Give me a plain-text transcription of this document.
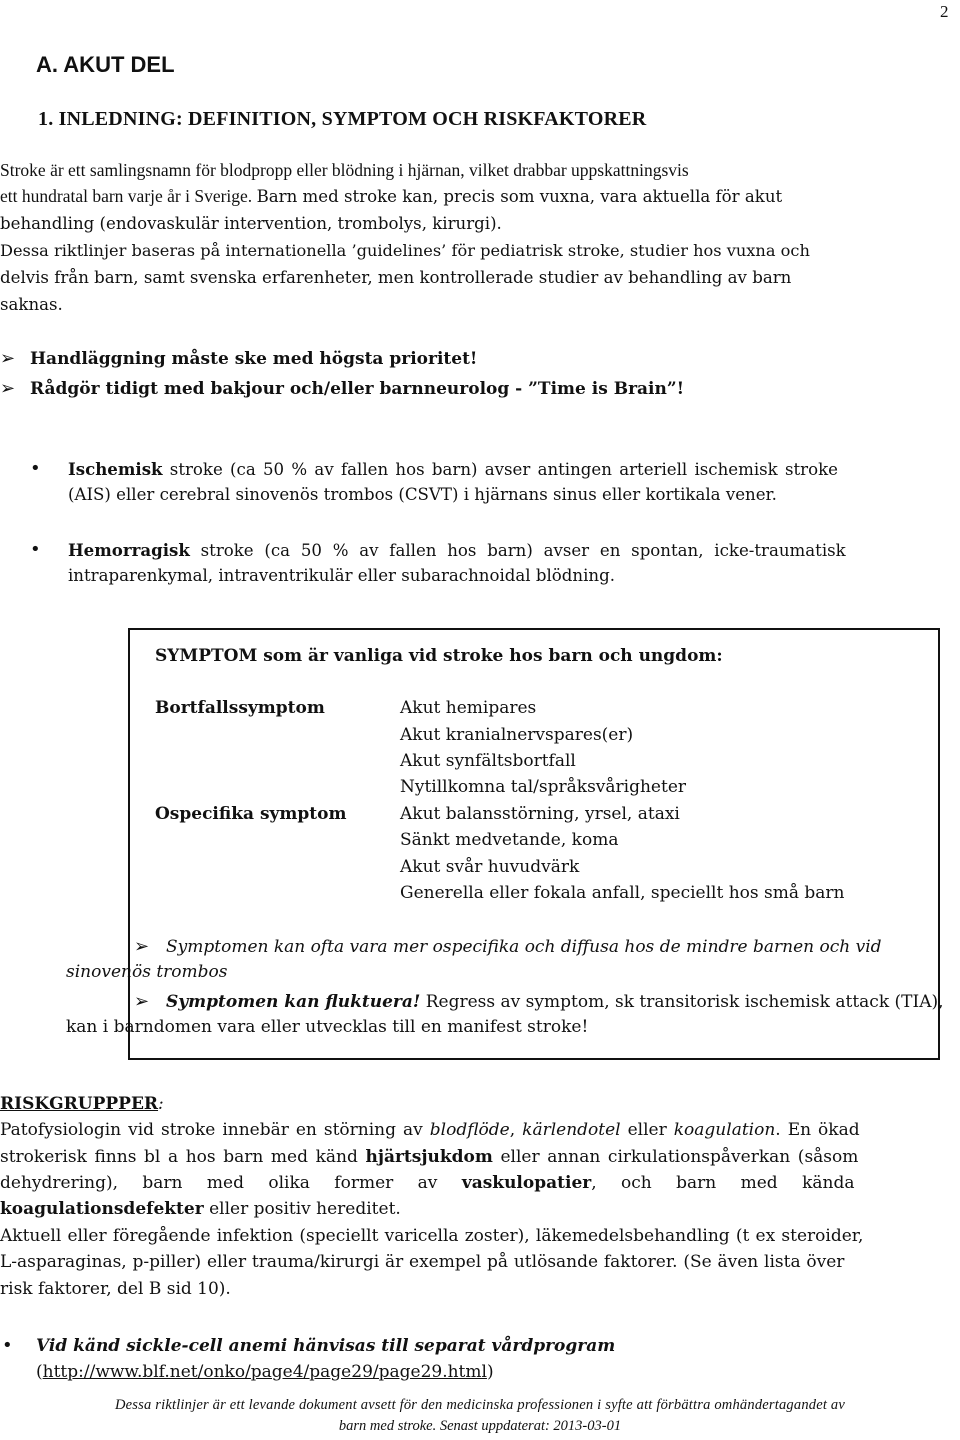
2
A. AKUT DEL
1. INLEDNING: DEFINITION, SYMPTOM OCH RISKFAKTORER
Stroke är ett samlingsnamn för blodpropp eller blödning i hjärnan, vilket drabbar uppskattningsvis
ett hundratal barn varje år i Sverige. Barn med stroke kan, precis som vuxna, vara aktuella för akut
behandling (endovaskulär intervention, trombolys, kirurgi).
Dessa riktlinjer baseras på internationella ’guidelines’ för pediatrisk stroke, studier hos vuxna och
delvis från barn, samt svenska erfarenheter, men kontrollerade studier av behandling av barn
saknas.
➢ Handläggning måste ske med högsta prioritet!
➢ Rådgör tidigt med bakjour och/eller barnneurolog - ”Time is Brain”!
• Ischemisk stroke (ca 50 % av fallen hos barn) avser antingen arteriell ischemisk stroke
(AIS) eller cerebral sinovenös trombos (CSVT) i hjärnans sinus eller kortikala vener.
• Hemorragisk stroke (ca 50 % av fallen hos barn) avser en spontan, icke-traumatisk
intraparenkymal, intraventrikulär eller subarachnoidal blödning.
SYMPTOM som är vanliga vid stroke hos barn och ungdom:
Bortfallssymptom
Ospecifika symptom
Akut hemipares
Akut kranialnervspares(er)
Akut synfältsbortfall
Nytillkomna tal/språksvårigheter
Akut balansstörning, yrsel, ataxi
Sänkt medvetande, koma
Akut svår huvudvärk
Generella eller fokala anfall, speciellt hos små barn
➢ Symptomen kan ofta vara mer ospecifika och diffusa hos de mindre barnen och vid
sinovenös trombos
➢ Symptomen kan fluktuera! Regress av symptom, sk transitorisk ischemisk attack (TIA),
kan i barndomen vara eller utvecklas till en manifest stroke!
RISKGRUPPPER:
Patofysiologin vid stroke innebär en störning av blodflöde, kärlendotel eller koagulation. En ökad
strokerisk finns bl a hos barn med känd hjärtsjukdom eller annan cirkulationspåverkan (såsom
dehydrering), barn med olika former av vaskulopatier, och barn med kända
koagulationsdefekter eller positiv hereditet.
Aktuell eller föregående infektion (speciellt varicella zoster), läkemedelsbehandling (t ex steroider,
L-asparaginas, p-piller) eller trauma/kirurgi är exempel på utlösande faktorer. (Se även lista över
risk faktorer, del B sid 10).
• Vid känd sickle-cell anemi hänvisas till separat vårdprogram
(http://www.blf.net/onko/page4/page29/page29.html)
Dessa riktlinjer är ett levande dokument avsett för den medicinska professionen i syfte att förbättra omhändertagandet av
barn med stroke. Senast uppdaterat: 2013-03-01
